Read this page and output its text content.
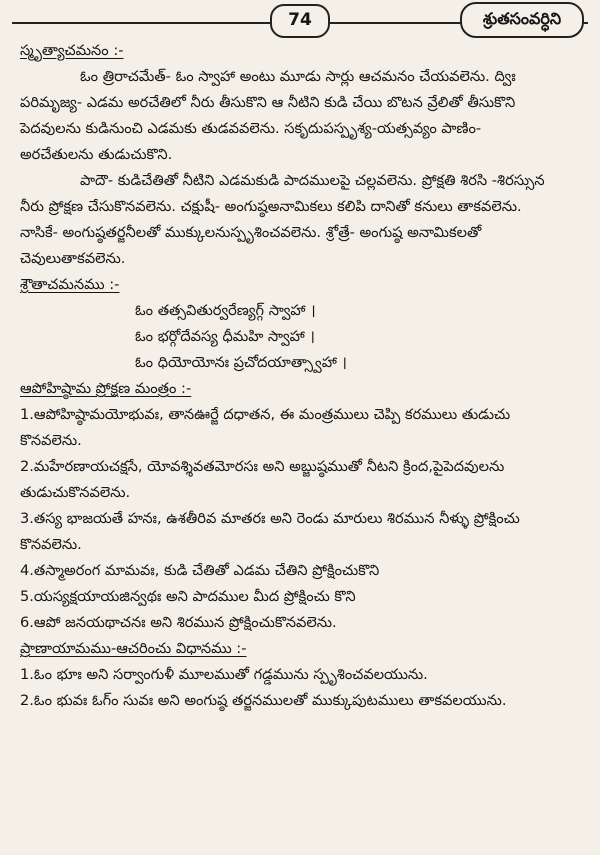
74	శ్రుతసంవర్ధిని
స్మృత్యాచమనం :-
ఓం త్రిరాచమేత్- ఓం స్వాహా అంటు మూడు సార్లు ఆచమనం చేయవలెను. ద్విః
పరిమృజ్య- ఎడమ అరచేతిలో నీరు తీసుకొని ఆ నీటిని కుడి చేయి బొటన వ్రేలితో తీసుకొని
పెదవులను కుడినుంచి ఎడమకు తుడవవలెను. సకృదుపస్పృశ్య-యత్సవ్యం పాణిం-
అరచేతులను తుడుచుకొని.
పాదౌ- కుడిచేతితో నీటిని ఎడమకుడి పాదములపై చల్లవలెను. ప్రోక్షతి శిరసి -శిరస్సున
నీరు ప్రోక్షణ చేసుకొనవలెను. చక్షుషీ- అంగుష్ఠఅనామికలు కలిపి దానితో కనులు తాకవలెను.
నాసికే- అంగుష్ఠతర్జనీలతో ముక్కులనుస్పృశించవలెను. శ్రోత్రే- అంగుష్ఠ అనామికలతో
చెవులుతాకవలెను.
శ్రౌతాచమనము :-
ఓం తత్సవితుర్వరేణ్యగ్గ్ స్వాహా ।
ఓం భర్గోదేవస్య ధీమహి స్వాహా ।
ఓం ధియోయోనః ప్రచోదయాత్స్వాహా ।
ఆపోహిష్ఠామ ప్రోక్షణ మంత్రం :-
1.ఆపోహిష్ఠామయోభువః, తానఊర్జే దధాతన, ఈ మంత్రములు చెప్పి కరములు తుడుచు
కొనవలెను.
2.మహేరణాయచక్షసే, యోవశ్శివతమోరసః అని అబ్జుష్ఠముతో నీటని క్రింద,పైపెదవులను
తుడుచుకొనవలెను.
3.తస్య భాజయతే హనః, ఉశతీరివ మాతరః అని రెండు మారులు శిరమున నీళ్ళు ప్రోక్షించు
కొనవలెను.
4.తస్మాఅరంగ మామవః, కుడి చేతితో ఎడమ చేతిని ప్రోక్షించుకొని
5.యస్యక్షయాయజిన్వథః అని పాదముల మీద ప్రోక్షించు కొని
6.ఆపో జనయథాచనః అని శిరమున ప్రోక్షించుకొనవలెను.
ప్రాణాయామము-ఆచరించు విధానము :-
1.ఓం భూః అని సర్వాంగుళీ మూలముతో గడ్డమును స్పృశించవలయును.
2.ఓం భువః ఓగ్ం సువః అని అంగుష్ఠ తర్జనములతో ముక్కుపుటములు తాకవలయును.
